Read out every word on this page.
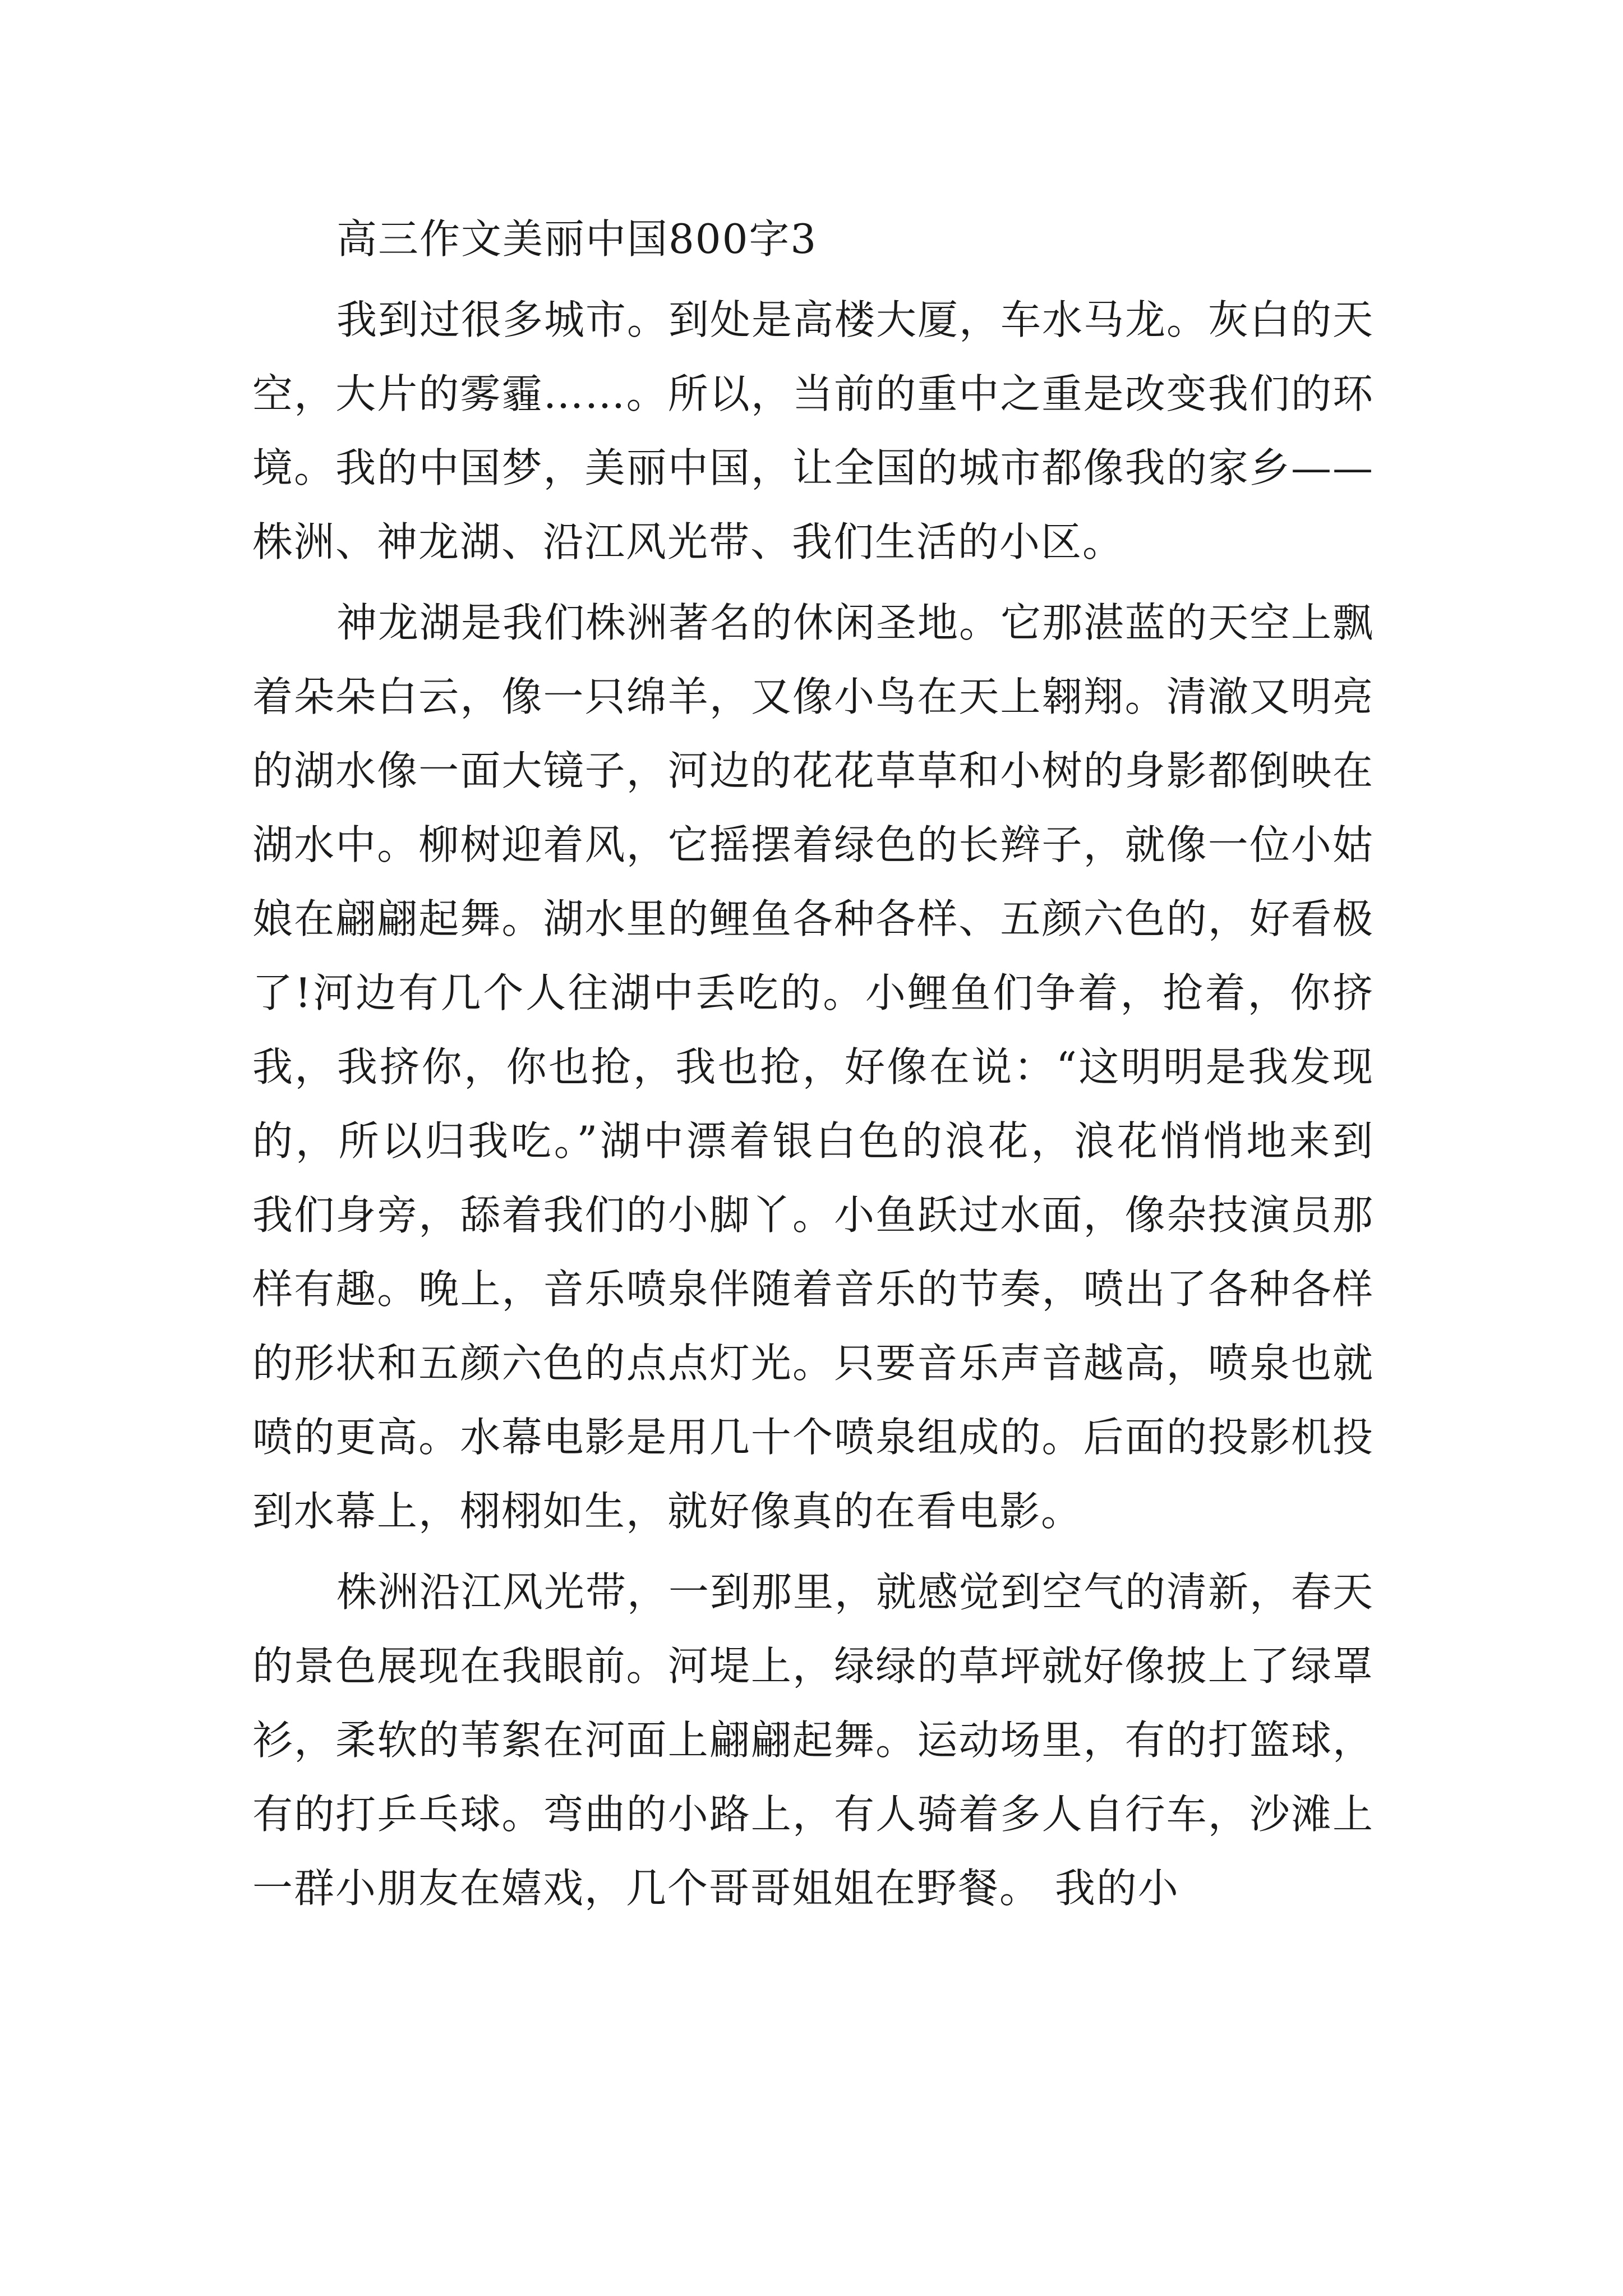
高三作文美丽中国800字3

我到过很多城市。到处是高楼大厦，车水马龙。灰白的天空，大片的雾霾……。所以，当前的重中之重是改变我们的环境。我的中国梦，美丽中国，让全国的城市都像我的家乡——株洲、神龙湖、沿江风光带、我们生活的小区。

神龙湖是我们株洲著名的休闲圣地。它那湛蓝的天空上飘着朵朵白云，像一只绵羊，又像小鸟在天上翱翔。清澈又明亮的湖水像一面大镜子，河边的花花草草和小树的身影都倒映在湖水中。柳树迎着风，它摇摆着绿色的长辫子，就像一位小姑娘在翩翩起舞。湖水里的鲤鱼各种各样、五颜六色的，好看极了!河边有几个人往湖中丢吃的。小鲤鱼们争着，抢着，你挤我，我挤你，你也抢，我也抢，好像在说：“这明明是我发现的，所以归我吃。”湖中漂着银白色的浪花，浪花悄悄地来到我们身旁，舔着我们的小脚丫。小鱼跃过水面，像杂技演员那样有趣。晚上，音乐喷泉伴随着音乐的节奏，喷出了各种各样的形状和五颜六色的点点灯光。只要音乐声音越高，喷泉也就喷的更高。水幕电影是用几十个喷泉组成的。后面的投影机投到水幕上，栩栩如生，就好像真的在看电影。

株洲沿江风光带，一到那里，就感觉到空气的清新，春天的景色展现在我眼前。河堤上，绿绿的草坪就好像披上了绿罩衫，柔软的苇絮在河面上翩翩起舞。运动场里，有的打篮球，有的打乒乓球。弯曲的小路上，有人骑着多人自行车，沙滩上一群小朋友在嬉戏，几个哥哥姐姐在野餐。 我的小
